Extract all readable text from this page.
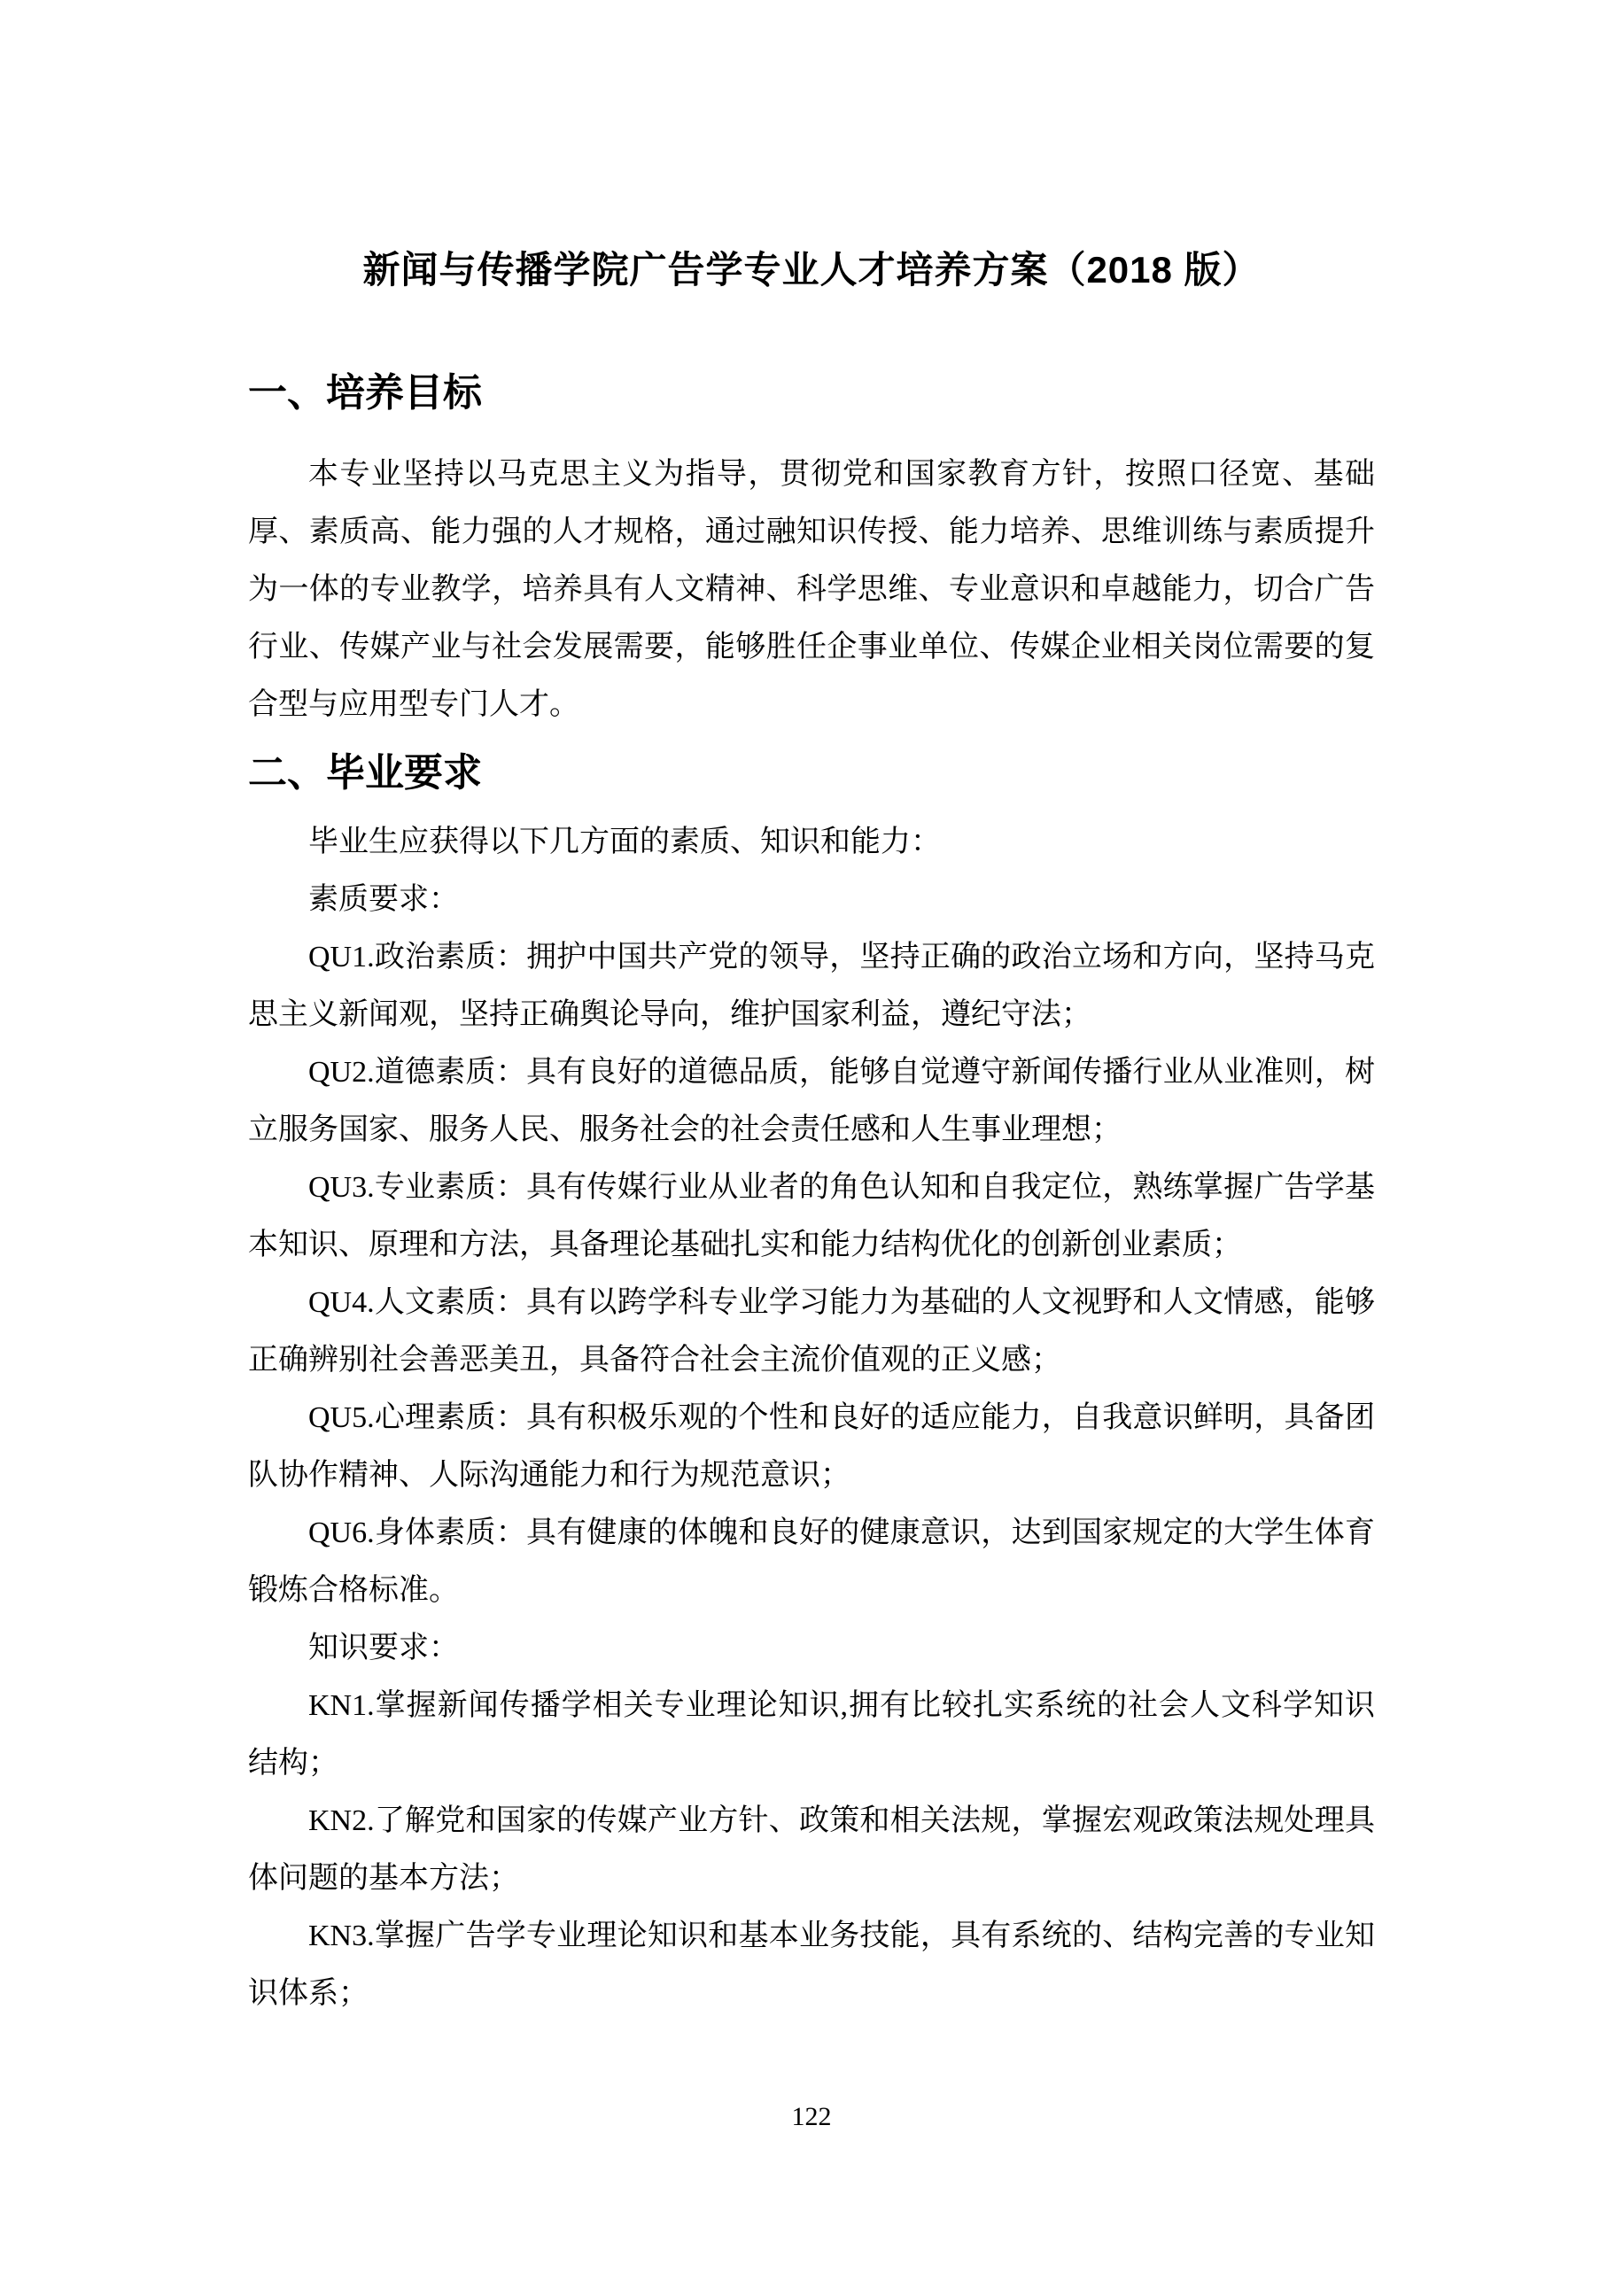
新闻与传播学院广告学专业人才培养方案（2018 版）
一、培养目标

本专业坚持以马克思主义为指导，贯彻党和国家教育方针，按照口径宽、基础厚、素质高、能力强的人才规格，通过融知识传授、能力培养、思维训练与素质提升为一体的专业教学，培养具有人文精神、科学思维、专业意识和卓越能力，切合广告行业、传媒产业与社会发展需要，能够胜任企事业单位、传媒企业相关岗位需要的复合型与应用型专门人才。

二、毕业要求

毕业生应获得以下几方面的素质、知识和能力：

素质要求：

QU1.政治素质：拥护中国共产党的领导，坚持正确的政治立场和方向，坚持马克思主义新闻观，坚持正确舆论导向，维护国家利益，遵纪守法；

QU2.道德素质：具有良好的道德品质，能够自觉遵守新闻传播行业从业准则，树立服务国家、服务人民、服务社会的社会责任感和人生事业理想；

QU3.专业素质：具有传媒行业从业者的角色认知和自我定位，熟练掌握广告学基本知识、原理和方法，具备理论基础扎实和能力结构优化的创新创业素质；

QU4.人文素质：具有以跨学科专业学习能力为基础的人文视野和人文情感，能够正确辨别社会善恶美丑，具备符合社会主流价值观的正义感；

QU5.心理素质：具有积极乐观的个性和良好的适应能力，自我意识鲜明，具备团队协作精神、人际沟通能力和行为规范意识；

QU6.身体素质：具有健康的体魄和良好的健康意识，达到国家规定的大学生体育锻炼合格标准。

知识要求：

KN1.掌握新闻传播学相关专业理论知识,拥有比较扎实系统的社会人文科学知识结构；

KN2.了解党和国家的传媒产业方针、政策和相关法规，掌握宏观政策法规处理具体问题的基本方法；

KN3.掌握广告学专业理论知识和基本业务技能，具有系统的、结构完善的专业知识体系；

122
